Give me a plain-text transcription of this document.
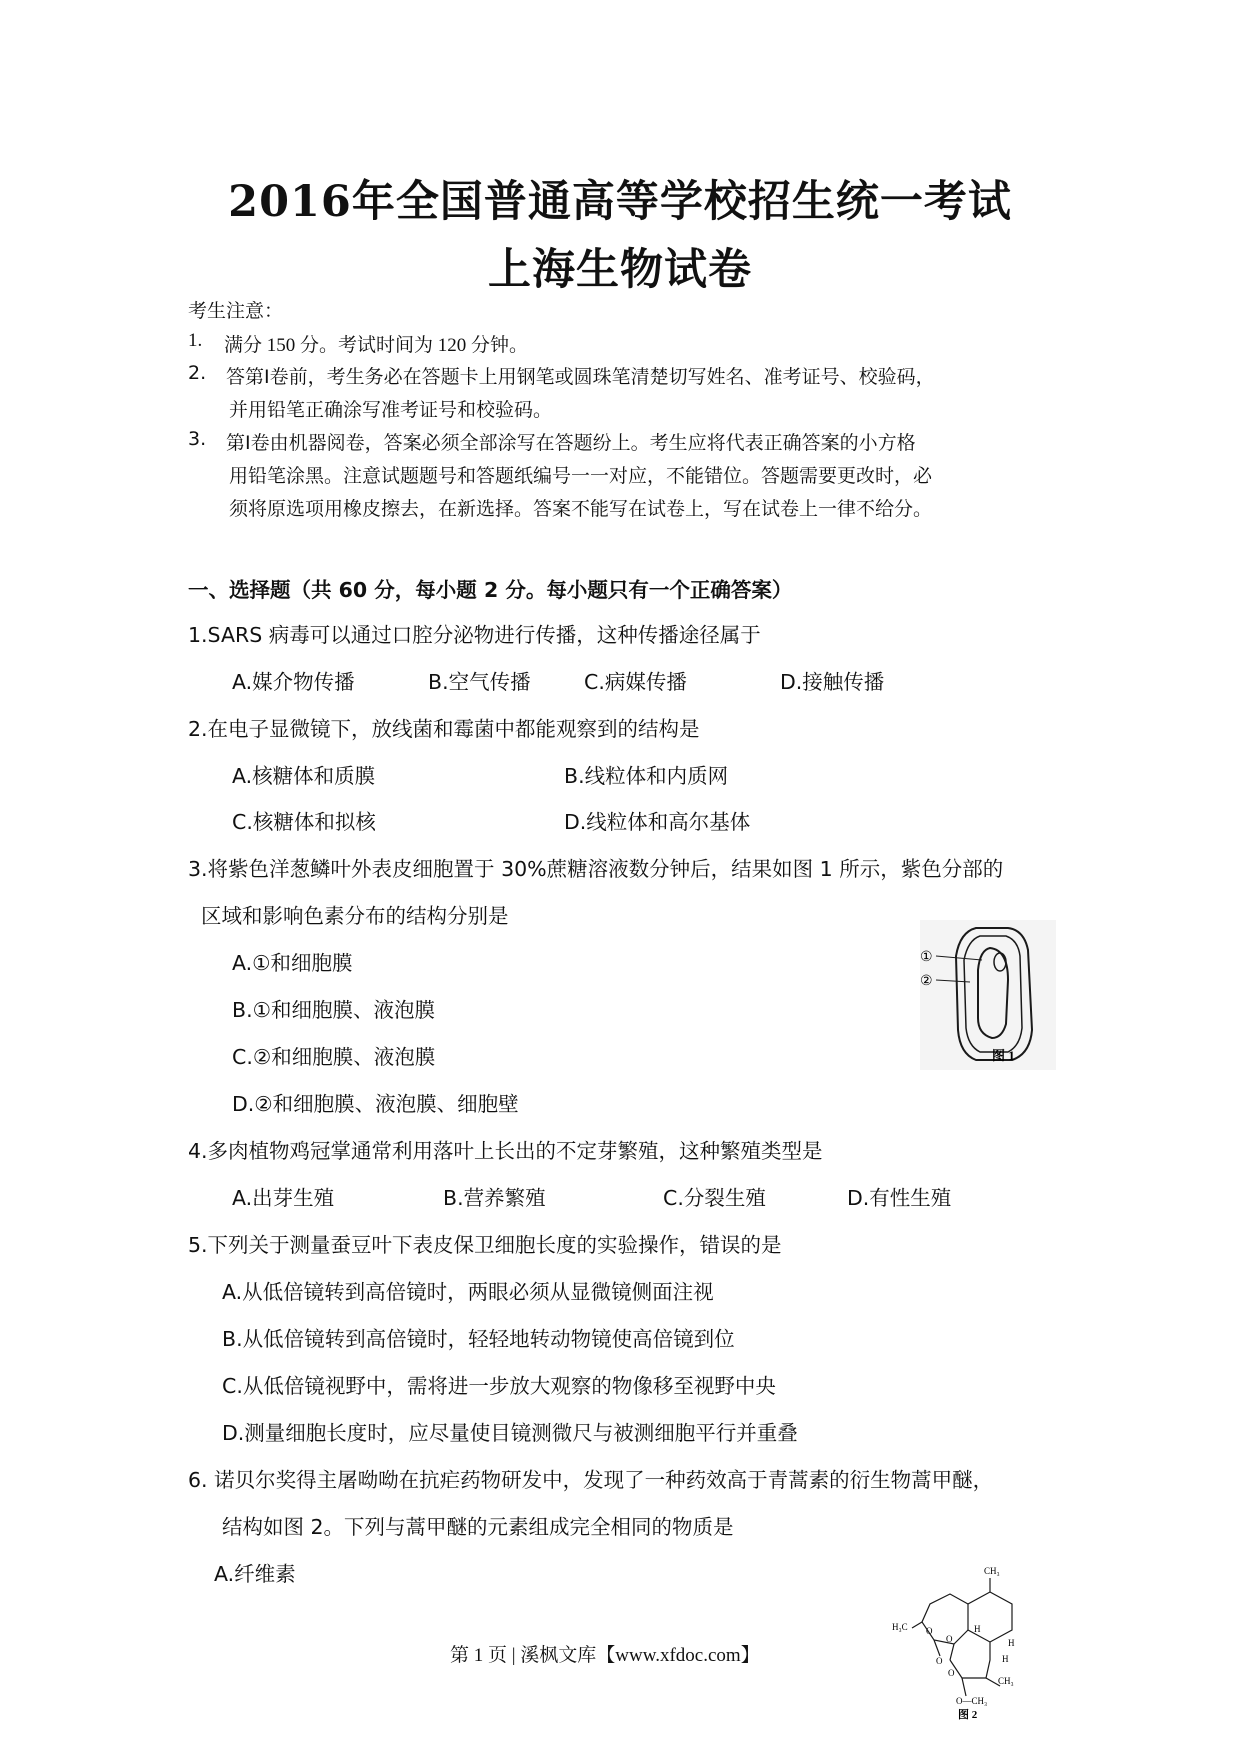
2016年全国普通高等学校招生统一考试
上海生物试卷
考生注意：
1. 满分 150 分。考试时间为 120 分钟。
2. 答第Ⅰ卷前，考生务必在答题卡上用钢笔或圆珠笔清楚切写姓名、准考证号、校验码，
并用铅笔正确涂写准考证号和校验码。
3. 第Ⅰ卷由机器阅卷，答案必须全部涂写在答题纷上。考生应将代表正确答案的小方格
用铅笔涂黑。注意试题题号和答题纸编号一一对应，不能错位。答题需要更改时，必
须将原选项用橡皮擦去，在新选择。答案不能写在试卷上，写在试卷上一律不给分。
一、选择题（共 60 分，每小题 2 分。每小题只有一个正确答案）
1.SARS 病毒可以通过口腔分泌物进行传播，这种传播途径属于
A.媒介物传播	B.空气传播	C.病媒传播	D.接触传播
2.在电子显微镜下，放线菌和霉菌中都能观察到的结构是
A.核糖体和质膜	B.线粒体和内质网
C.核糖体和拟核	D.线粒体和高尔基体
3.将紫色洋葱鳞叶外表皮细胞置于 30%蔗糖溶液数分钟后，结果如图 1 所示，紫色分部的
区域和影响色素分布的结构分别是
A.①和细胞膜
B.①和细胞膜、液泡膜
C.②和细胞膜、液泡膜
D.②和细胞膜、液泡膜、细胞壁
①
②
图 1
4.多肉植物鸡冠掌通常利用落叶上长出的不定芽繁殖，这种繁殖类型是
A.出芽生殖	B.营养繁殖	C.分裂生殖	D.有性生殖
5.下列关于测量蚕豆叶下表皮保卫细胞长度的实验操作，错误的是
A.从低倍镜转到高倍镜时，两眼必须从显微镜侧面注视
B.从低倍镜转到高倍镜时，轻轻地转动物镜使高倍镜到位
C.从低倍镜视野中，需将进一步放大观察的物像移至视野中央
D.测量细胞长度时，应尽量使目镜测微尺与被测细胞平行并重叠
6. 诺贝尔奖得主屠呦呦在抗疟药物研发中，发现了一种药效高于青蒿素的衍生物蒿甲醚，
结构如图 2。下列与蒿甲醚的元素组成完全相同的物质是
A.纤维素	CH₃
H₃C O
O
H
H
H
O
O
CH₃
O—CH₃
图 2
第 1 页 | 溪枫文库【www.xfdoc.com】
